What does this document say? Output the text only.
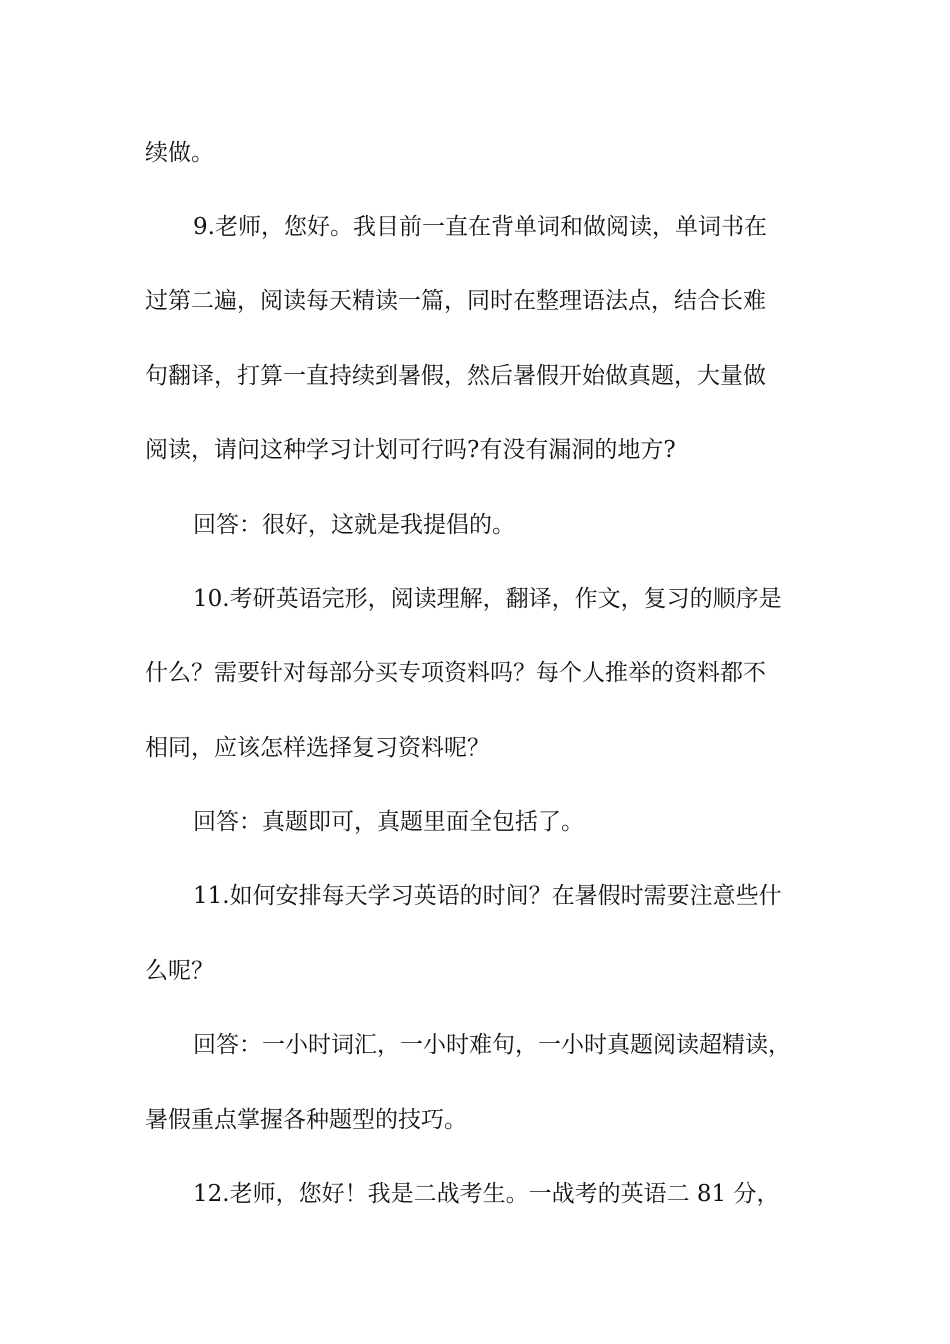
续做。
9.老师，您好。我目前一直在背单词和做阅读，单词书在
过第二遍，阅读每天精读一篇，同时在整理语法点，结合长难
句翻译，打算一直持续到暑假，然后暑假开始做真题，大量做
阅读，请问这种学习计划可行吗?有没有漏洞的地方?
回答：很好，这就是我提倡的。
10.考研英语完形，阅读理解，翻译，作文，复习的顺序是
什么？需要针对每部分买专项资料吗？每个人推举的资料都不
相同，应该怎样选择复习资料呢？
回答：真题即可，真题里面全包括了。
11.如何安排每天学习英语的时间？在暑假时需要注意些什
么呢？
回答：一小时词汇，一小时难句，一小时真题阅读超精读，
暑假重点掌握各种题型的技巧。
12.老师，您好！我是二战考生。一战考的英语二 81 分，
